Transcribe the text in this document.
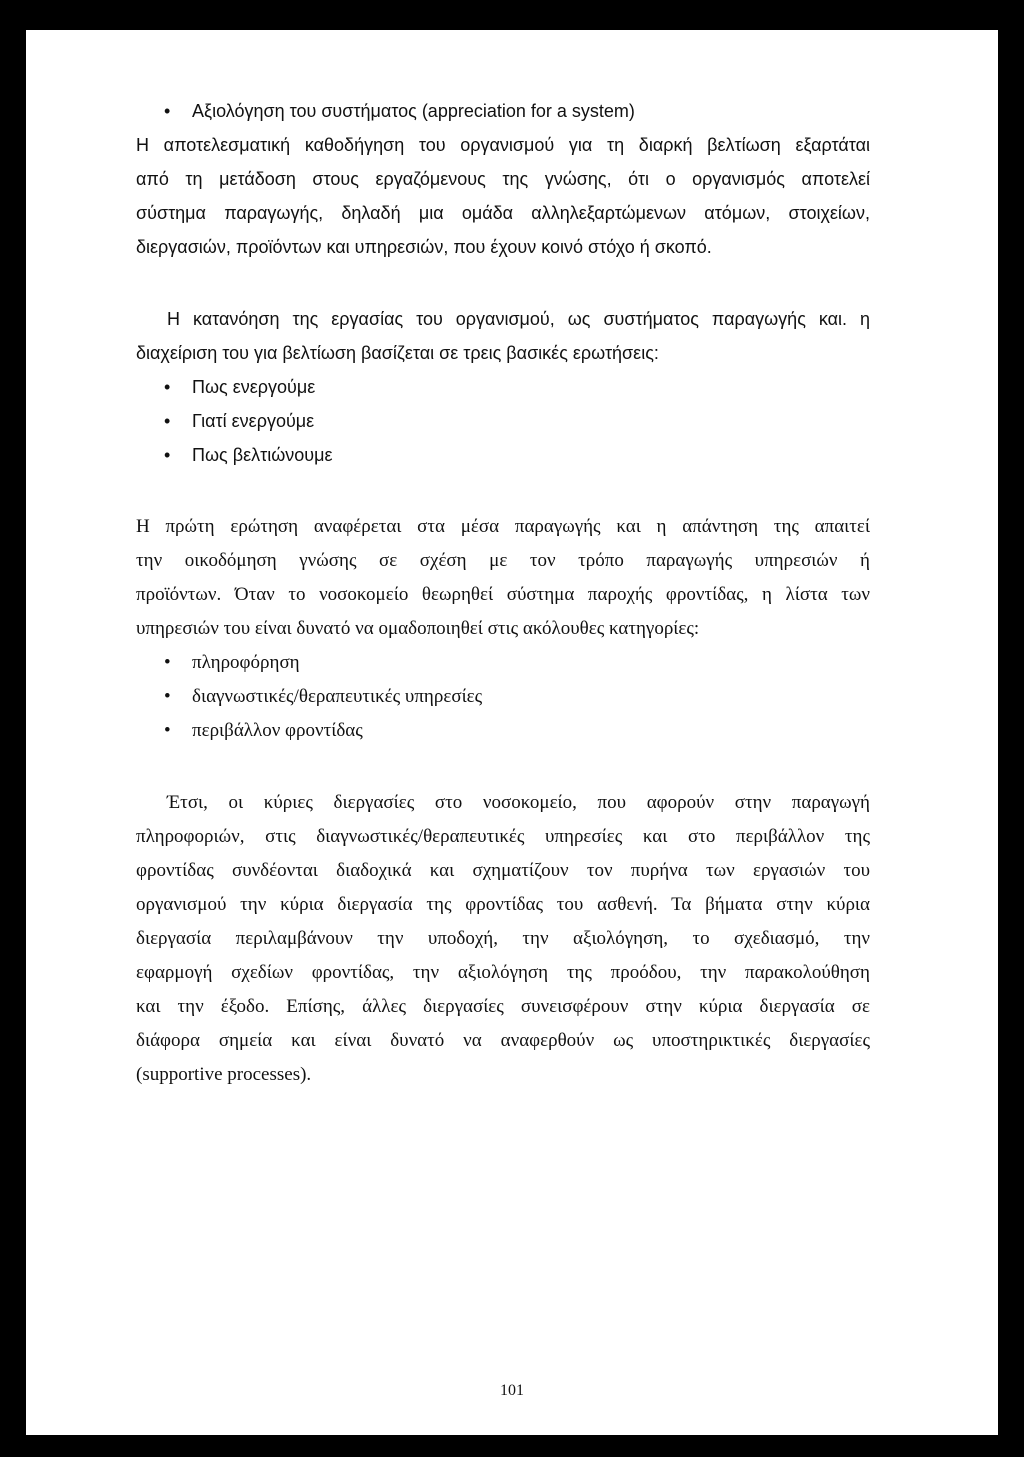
• Αξιολόγηση του συστήματος (appreciation for a system)
Η αποτελεσματική καθοδήγηση του οργανισμού για τη διαρκή βελτίωση εξαρτάται
από τη μετάδοση στους εργαζόμενους της γνώσης, ότι ο οργανισμός αποτελεί
σύστημα παραγωγής, δηλαδή μια ομάδα αλληλεξαρτώμενων ατόμων, στοιχείων,
διεργασιών, προϊόντων και υπηρεσιών, που έχουν κοινό στόχο ή σκοπό.
Η κατανόηση της εργασίας του οργανισμού, ως συστήματος παραγωγής και. η
διαχείριση του για βελτίωση βασίζεται σε τρεις βασικές ερωτήσεις:
• Πως ενεργούμε
• Γιατί ενεργούμε
• Πως βελτιώνουμε
Η πρώτη ερώτηση αναφέρεται στα μέσα παραγωγής και η απάντηση της απαιτεί
την οικοδόμηση γνώσης σε σχέση με τον τρόπο παραγωγής υπηρεσιών ή
προϊόντων. Όταν το νοσοκομείο θεωρηθεί σύστημα παροχής φροντίδας, η λίστα των
υπηρεσιών του είναι δυνατό να ομαδοποιηθεί στις ακόλουθες κατηγορίες:
• πληροφόρηση
• διαγνωστικές/θεραπευτικές υπηρεσίες
• περιβάλλον φροντίδας
Έτσι, οι κύριες διεργασίες στο νοσοκομείο, που αφορούν στην παραγωγή
πληροφοριών, στις διαγνωστικές/θεραπευτικές υπηρεσίες και στο περιβάλλον της
φροντίδας συνδέονται διαδοχικά και σχηματίζουν τον πυρήνα των εργασιών του
οργανισμού την κύρια διεργασία της φροντίδας του ασθενή. Τα βήματα στην κύρια
διεργασία περιλαμβάνουν την υποδοχή, την αξιολόγηση, το σχεδιασμό, την
εφαρμογή σχεδίων φροντίδας, την αξιολόγηση της προόδου, την παρακολούθηση
και την έξοδο. Επίσης, άλλες διεργασίες συνεισφέρουν στην κύρια διεργασία σε
διάφορα σημεία και είναι δυνατό να αναφερθούν ως υποστηρικτικές διεργασίες
(supportive processes).
101
